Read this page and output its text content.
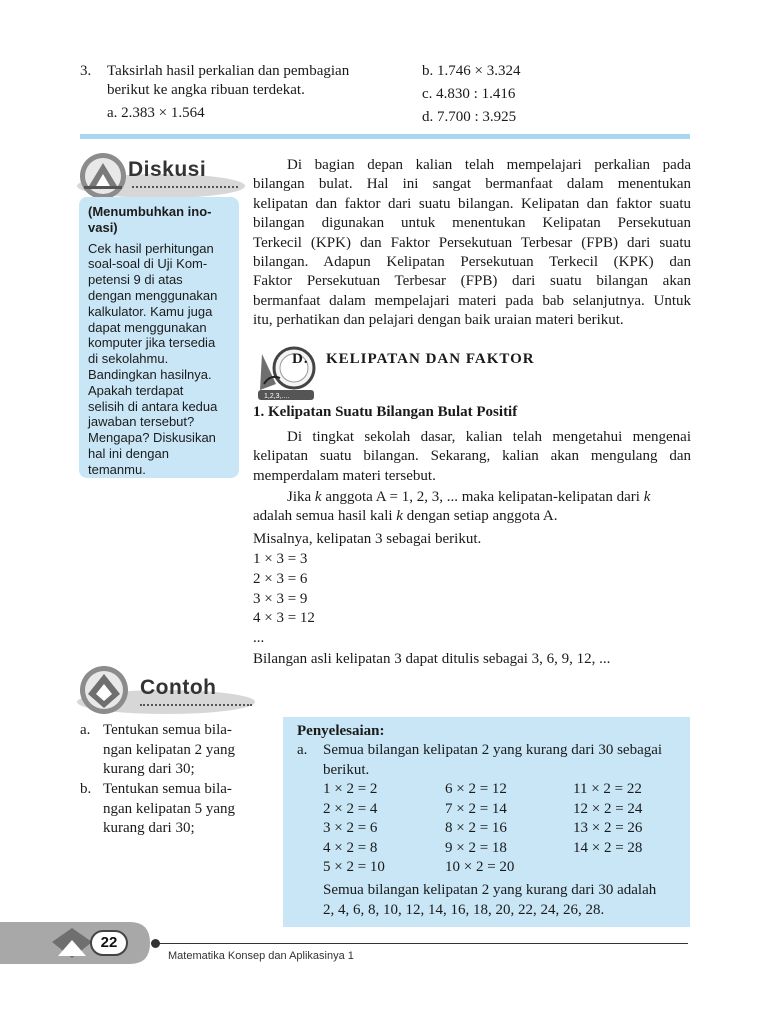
3. Taksirlah hasil perkalian dan pembagian
berikut ke angka ribuan terdekat.
a. 2.383 × 1.564
b. 1.746 × 3.324
c. 4.830 : 1.416
d. 7.700 : 3.925
Diskusi
(Menumbuhkan ino-
vasi)
Cek hasil perhitungan
soal-soal di Uji Kom-
petensi 9 di atas
dengan menggunakan
kalkulator. Kamu juga
dapat menggunakan
komputer jika tersedia
di sekolahmu.
Bandingkan hasilnya.
Apakah terdapat
selisih di antara kedua
jawaban tersebut?
Mengapa? Diskusikan
hal ini dengan
temanmu.
Di bagian depan kalian telah mempelajari perkalian pada
bilangan bulat. Hal ini sangat bermanfaat dalam menentukan
kelipatan dan faktor dari suatu bilangan. Kelipatan dan faktor suatu
bilangan digunakan untuk menentukan Kelipatan Persekutuan
Terkecil (KPK) dan Faktor Persekutuan Terbesar (FPB) dari suatu
bilangan. Adapun Kelipatan Persekutuan Terkecil (KPK) dan
Faktor Persekutuan Terbesar (FPB) dari suatu bilangan akan
bermanfaat dalam mempelajari materi pada bab selanjutnya. Untuk
itu, perhatikan dan pelajari dengan baik uraian materi berikut.
1,2,3,....
D. KELIPATAN DAN FAKTOR
1. Kelipatan Suatu Bilangan Bulat Positif
Di tingkat sekolah dasar, kalian telah mengetahui mengenai
kelipatan suatu bilangan. Sekarang, kalian akan mengulang dan
memperdalam materi tersebut.
Jika k anggota A = 1, 2, 3, ... maka kelipatan-kelipatan dari k
adalah semua hasil kali k dengan setiap anggota A.
Misalnya, kelipatan 3 sebagai berikut.
1 × 3 = 3
2 × 3 = 6
3 × 3 = 9
4 × 3 = 12
...
Bilangan asli kelipatan 3 dapat ditulis sebagai 3, 6, 9, 12, ...
Contoh
a. Tentukan semua bila-
ngan kelipatan 2 yang
kurang dari 30;
b. Tentukan semua bila-
ngan kelipatan 5 yang
kurang dari 30;
Penyelesaian:
a. Semua bilangan kelipatan 2 yang kurang dari 30 sebagai
berikut.
1 × 2 = 2
2 × 2 = 4
3 × 2 = 6
4 × 2 = 8
5 × 2 = 10
6 × 2 = 12
7 × 2 = 14
8 × 2 = 16
9 × 2 = 18
10 × 2 = 20
11 × 2 = 22
12 × 2 = 24
13 × 2 = 26
14 × 2 = 28
Semua bilangan kelipatan 2 yang kurang dari 30 adalah
2, 4, 6, 8, 10, 12, 14, 16, 18, 20, 22, 24, 26, 28.
22
Matematika Konsep dan Aplikasinya 1
